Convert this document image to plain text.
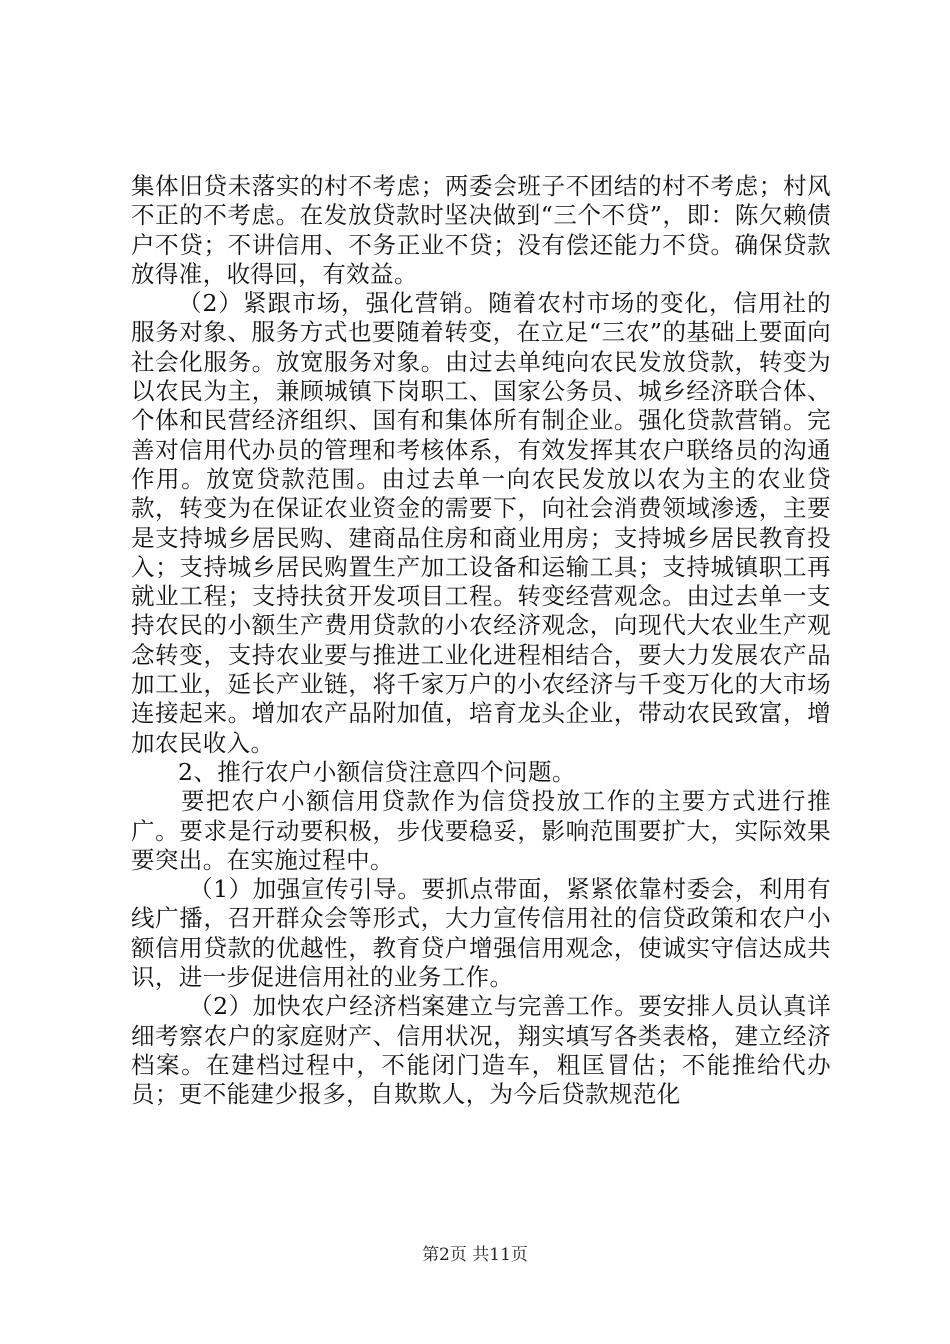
集体旧贷未落实的村不考虑；两委会班子不团结的村不考虑；村风不正的不考虑。在发放贷款时坚决做到“三个不贷”，即：陈欠赖债户不贷；不讲信用、不务正业不贷；没有偿还能力不贷。确保贷款放得准，收得回，有效益。

（2）紧跟市场，强化营销。随着农村市场的变化，信用社的服务对象、服务方式也要随着转变，在立足“三农”的基础上要面向社会化服务。放宽服务对象。由过去单纯向农民发放贷款，转变为以农民为主，兼顾城镇下岗职工、国家公务员、城乡经济联合体、个体和民营经济组织、国有和集体所有制企业。强化贷款营销。完善对信用代办员的管理和考核体系，有效发挥其农户联络员的沟通作用。放宽贷款范围。由过去单一向农民发放以农为主的农业贷款，转变为在保证农业资金的需要下，向社会消费领域渗透，主要是支持城乡居民购、建商品住房和商业用房；支持城乡居民教育投入；支持城乡居民购置生产加工设备和运输工具；支持城镇职工再就业工程；支持扶贫开发项目工程。转变经营观念。由过去单一支持农民的小额生产费用贷款的小农经济观念，向现代大农业生产观念转变，支持农业要与推进工业化进程相结合，要大力发展农产品加工业，延长产业链，将千家万户的小农经济与千变万化的大市场连接起来。增加农产品附加值，培育龙头企业，带动农民致富，增加农民收入。

2、推行农户小额信贷注意四个问题。

要把农户小额信用贷款作为信贷投放工作的主要方式进行推广。要求是行动要积极，步伐要稳妥，影响范围要扩大，实际效果要突出。在实施过程中。

（1）加强宣传引导。要抓点带面，紧紧依靠村委会，利用有线广播，召开群众会等形式，大力宣传信用社的信贷政策和农户小额信用贷款的优越性，教育贷户增强信用观念，使诚实守信达成共识，进一步促进信用社的业务工作。

（2）加快农户经济档案建立与完善工作。要安排人员认真详细考察农户的家庭财产、信用状况，翔实填写各类表格，建立经济档案。在建档过程中，不能闭门造车，粗匡冒估；不能推给代办员；更不能建少报多，自欺欺人，为今后贷款规范化

第2页 共11页
